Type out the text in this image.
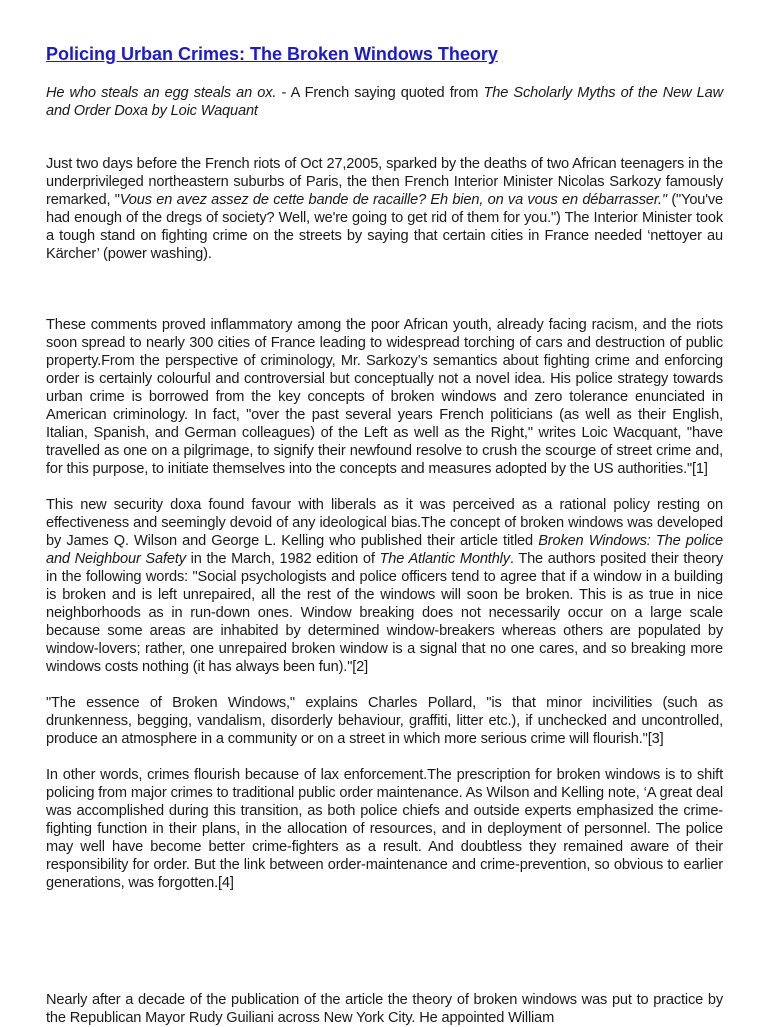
Policing Urban Crimes: The Broken Windows Theory

He who steals an egg steals an ox. - A French saying quoted from The Scholarly Myths of the New Law and Order Doxa by Loic Waquant

Just two days before the French riots of Oct 27,2005, sparked by the deaths of two African teenagers in the underprivileged northeastern suburbs of Paris, the then French Interior Minister Nicolas Sarkozy famously remarked, "Vous en avez assez de cette bande de racaille? Eh bien, on va vous en débarrasser." ("You've had enough of the dregs of society? Well, we're going to get rid of them for you.") The Interior Minister took a tough stand on fighting crime on the streets by saying that certain cities in France needed ‘nettoyer au Kärcher’ (power washing).

These comments proved inflammatory among the poor African youth, already facing racism, and the riots soon spread to nearly 300 cities of France leading to widespread torching of cars and destruction of public property.From the perspective of criminology, Mr. Sarkozy’s semantics about fighting crime and enforcing order is certainly colourful and controversial but conceptually not a novel idea. His police strategy towards urban crime is borrowed from the key concepts of broken windows and zero tolerance enunciated in American criminology. In fact, "over the past several years French politicians (as well as their English, Italian, Spanish, and German colleagues) of the Left as well as the Right," writes Loic Wacquant, "have travelled as one on a pilgrimage, to signify their newfound resolve to crush the scourge of street crime and, for this purpose, to initiate themselves into the concepts and measures adopted by the US authorities."[1]

This new security doxa found favour with liberals as it was perceived as a rational policy resting on effectiveness and seemingly devoid of any ideological bias.The concept of broken windows was developed by James Q. Wilson and George L. Kelling who published their article titled Broken Windows: The police and Neighbour Safety in the March, 1982 edition of The Atlantic Monthly. The authors posited their theory in the following words: "Social psychologists and police officers tend to agree that if a window in a building is broken and is left unrepaired, all the rest of the windows will soon be broken. This is as true in nice neighborhoods as in run-down ones. Window breaking does not necessarily occur on a large scale because some areas are inhabited by determined window-breakers whereas others are populated by window-lovers; rather, one unrepaired broken window is a signal that no one cares, and so breaking more windows costs nothing (it has always been fun)."[2]

"The essence of Broken Windows," explains Charles Pollard, "is that minor incivilities (such as drunkenness, begging, vandalism, disorderly behaviour, graffiti, litter etc.), if unchecked and uncontrolled, produce an atmosphere in a community or on a street in which more serious crime will flourish."[3]

In other words, crimes flourish because of lax enforcement.The prescription for broken windows is to shift policing from major crimes to traditional public order maintenance. As Wilson and Kelling note, ‘A great deal was accomplished during this transition, as both police chiefs and outside experts emphasized the crime-fighting function in their plans, in the allocation of resources, and in deployment of personnel. The police may well have become better crime-fighters as a result. And doubtless they remained aware of their responsibility for order. But the link between order-maintenance and crime-prevention, so obvious to earlier generations, was forgotten.[4]

Nearly after a decade of the publication of the article the theory of broken windows was put to practice by the Republican Mayor Rudy Guiliani across New York City. He appointed William
